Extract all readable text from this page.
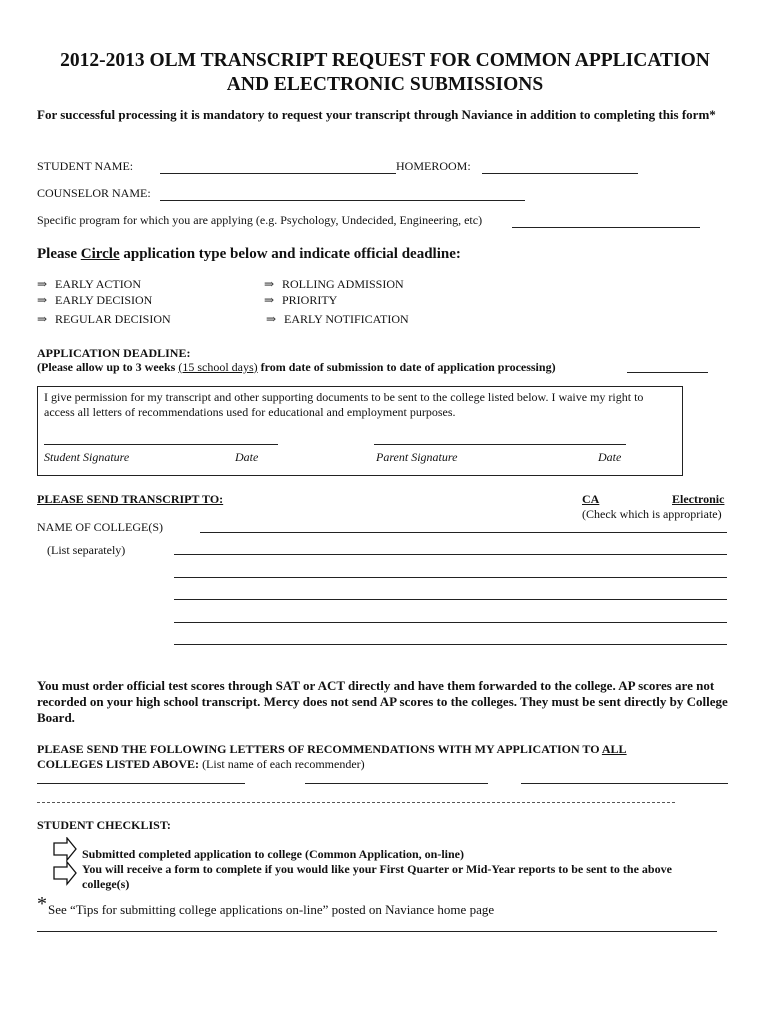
2012-2013 OLM TRANSCRIPT REQUEST FOR COMMON APPLICATION
AND ELECTRONIC SUBMISSIONS
For successful processing it is mandatory to request your transcript through Naviance in addition to completing this form*
STUDENT NAME:	HOMEROOM:
COUNSELOR NAME:
Specific program for which you are applying (e.g. Psychology, Undecided, Engineering, etc)
Please Circle application type below and indicate official deadline:
⇒ EARLY ACTION
⇒ EARLY DECISION
⇒ REGULAR DECISION
⇒ ROLLING ADMISSION
⇒ PRIORITY
⇒ EARLY NOTIFICATION
APPLICATION DEADLINE:
(Please allow up to 3 weeks (15 school days) from date of submission to date of application processing)
I give permission for my transcript and other supporting documents to be sent to the college listed below. I waive my right to access all letters of recommendations used for educational and employment purposes.
Student Signature	Date	Parent Signature	Date
PLEASE SEND TRANSCRIPT TO:	CA	Electronic
(Check which is appropriate)
NAME OF COLLEGE(S)
(List separately)
You must order official test scores through SAT or ACT directly and have them forwarded to the college. AP scores are not recorded on your high school transcript. Mercy does not send AP scores to the colleges. They must be sent directly by College Board.
PLEASE SEND THE FOLLOWING LETTERS OF RECOMMENDATIONS WITH MY APPLICATION TO ALL
COLLEGES LISTED ABOVE: (List name of each recommender)
STUDENT CHECKLIST:
Submitted completed application to college (Common Application, on-line)
You will receive a form to complete if you would like your First Quarter or Mid-Year reports to be sent to the above college(s)
* See “Tips for submitting college applications on-line” posted on Naviance home page
